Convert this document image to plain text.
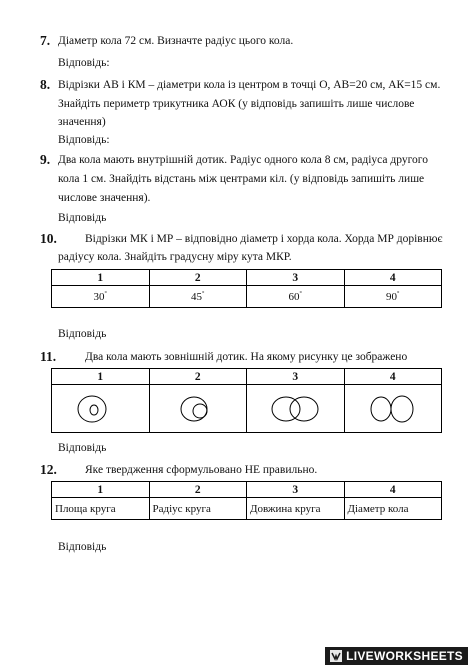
7. Діаметр кола 72 см. Визначте радіус цього кола.
Відповідь:
8. Відрізки АВ і КМ – діаметри кола із центром в точці О, АВ=20 см, АК=15 см.
Знайдіть периметр трикутника АОК (у відповідь запишіть лише числове
значення)
Відповідь:
9. Два кола мають внутрішній дотик. Радіус одного кола 8 см, радіуса другого
кола 1 см. Знайдіть відстань між центрами кіл. (у відповідь запишіть лише
числове значення).
Відповідь
10. Відрізки МК і МР – відповідно діаметр і хорда кола. Хорда МР дорівнює
радіусу кола. Знайдіть градусну міру кута МКР.
1	2	3	4
30°	45°	60°	90°
Відповідь
11.	Два кола мають зовнішній дотик. На якому рисунку це зображено
1	2	3	4

Відповідь
12. Яке твердження сформульовано НЕ правильно.
1	2	3	4
Площа круга	Радіус круга	Довжина круга	Діаметр кола
Відповідь
LIVEWORKSHEETS
